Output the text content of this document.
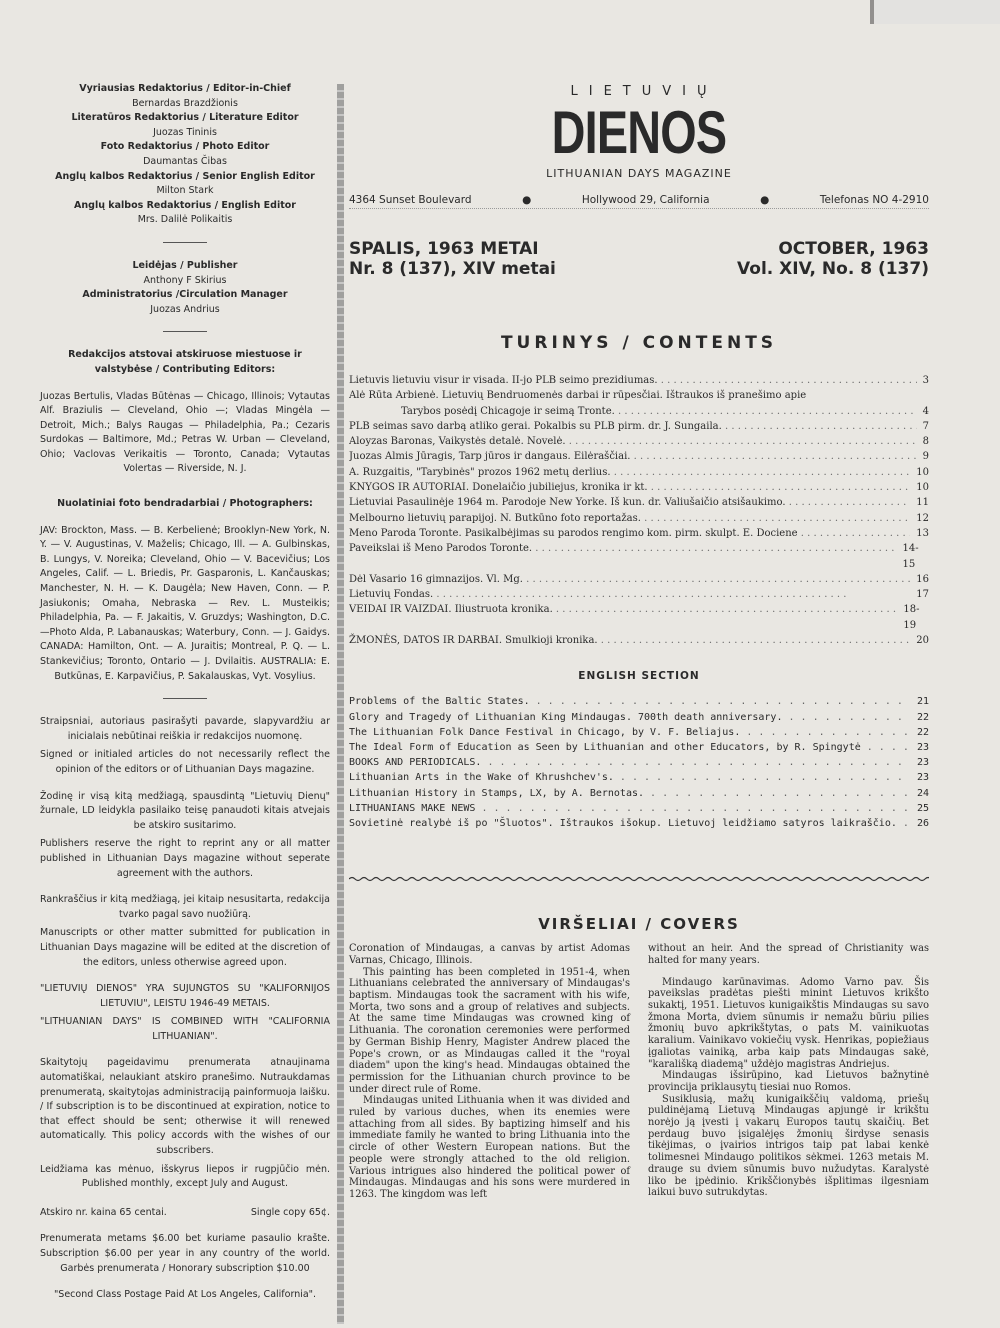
Vyriausias Redaktorius / Editor-in-Chief

Bernardas Brazdžionis

Literatūros Redaktorius / Literature Editor

Juozas Tininis

Foto Redaktorius / Photo Editor

Daumantas Čibas

Anglų kalbos Redaktorius / Senior English Editor

Milton Stark

Anglų kalbos Redaktorius / English Editor

Mrs. Dalilė Polikaitis

Leidėjas / Publisher

Anthony F Skirius

Administratorius /Circulation Manager

Juozas Andrius

Redakcijos atstovai atskiruose miestuose ir valstybėse / Contributing Editors:

Juozas Bertulis, Vladas Būtėnas — Chicago, Illinois; Vytautas Alf. Braziulis — Cleveland, Ohio —; Vladas Mingėla — Detroit, Mich.; Balys Raugas — Philadelphia, Pa.; Cezaris Surdokas — Baltimore, Md.; Petras W. Urban — Cleveland, Ohio; Vaclovas Verikaitis — Toronto, Canada; Vytautas Volertas — Riverside, N. J.

Nuolatiniai foto bendradarbiai / Photographers:

JAV: Brockton, Mass. — B. Kerbelienė; Brooklyn-New York, N. Y. — V. Augustinas, V. Maželis; Chicago, Ill. — A. Gulbinskas, B. Lungys, V. Noreika; Cleveland, Ohio — V. Bacevičius; Los Angeles, Calif. — L. Briedis, Pr. Gasparonis, L. Kančauskas; Manchester, N. H. — K. Daugėla; New Haven, Conn. — P. Jasiukonis; Omaha, Nebraska — Rev. L. Musteikis; Philadelphia, Pa. — F. Jakaitis, V. Gruzdys; Washington, D.C. —Photo Alda, P. Labanauskas; Waterbury, Conn. — J. Gaidys. CANADA: Hamilton, Ont. — A. Juraitis; Montreal, P. Q. — L. Stankevičius; Toronto, Ontario — J. Dvilaitis. AUSTRALIA: E. Butkūnas, E. Karpavičius, P. Sakalauskas, Vyt. Vosylius.

Straipsniai, autoriaus pasirašyti pavarde, slapyvardžiu ar inicialais nebūtinai reiškia ir redakcijos nuomonę.

Signed or initialed articles do not necessarily reflect the opinion of the editors or of Lithuanian Days magazine.

Žodinę ir visą kitą medžiagą, spausdintą "Lietuvių Dienų" žurnale, LD leidykla pasilaiko teisę panaudoti kitais atvejais be atskiro susitarimo.

Publishers reserve the right to reprint any or all matter published in Lithuanian Days magazine without seperate agreement with the authors.

Rankraščius ir kitą medžiagą, jei kitaip nesusitarta, redakcija tvarko pagal savo nuožiūrą.

Manuscripts or other matter submitted for publication in Lithuanian Days magazine will be edited at the discretion of the editors, unless otherwise agreed upon.

"LIETUVIŲ DIENOS" YRA SUJUNGTOS SU "KALIFORNIJOS LIETUVIU", LEISTU 1946-49 METAIS.

"LITHUANIAN DAYS" IS COMBINED WITH "CALIFORNIA LITHUANIAN".

Skaitytojų pageidavimu prenumerata atnaujinama automatiškai, nelaukiant atskiro pranešimo. Nutraukdamas prenumeratą, skaitytojas administraciją painformuoja laišku. / If subscription is to be discontinued at expiration, notice to that effect should be sent; otherwise it will renewed automatically. This policy accords with the wishes of our subscribers.

Leidžiama kas mėnuo, išskyrus liepos ir rugpjūčio mėn. Published monthly, except July and August.

Atskiro nr. kaina 65 centai.	Single copy 65¢.

Prenumerata metams $6.00 bet kuriame pasaulio krašte. Subscription $6.00 per year in any country of the world. Garbės prenumerata / Honorary subscription $10.00

"Second Class Postage Paid At Los Angeles, California".

LIETUVIŲ
DIENOS
LITHUANIAN DAYS MAGAZINE
4364 Sunset Boulevard	●	Hollywood 29, California	●	Telefonas NO 4-2910
SPALIS, 1963 METAI
Nr. 8 (137), XIV metai
OCTOBER, 1963
Vol. XIV, No. 8 (137)
TURINYS / CONTENTS
Lietuvis lietuviu visur ir visada. II-jo PLB seimo prezidiumas. . . .	3
Alė Rūta Arbienė. Lietuvių Bendruomenės darbai ir rūpesčiai. Ištraukos iš pranešimo apie
Tarybos posėdį Chicagoje ir seimą Tronte. . . .	4
PLB seimas savo darbą atliko gerai. Pokalbis su PLB pirm. dr. J. Sungaila. . . .	7
Aloyzas Baronas, Vaikystės detalė. Novelė. . . .	8
Juozas Almis Jūragis, Tarp jūros ir dangaus. Eilėraščiai. . . .	9
A. Ruzgaitis, "Tarybinės" prozos 1962 metų derlius. . . .	10
KNYGOS IR AUTORIAI. Donelaičio jubiliejus, kronika ir kt. . . .	10
Lietuviai Pasaulinėje 1964 m. Parodoje New Yorke. Iš kun. dr. Valiušaičio atsišaukimo. . . .	11
Melbourno lietuvių parapijoj. N. Butkūno foto reportažas. . . .	12
Meno Paroda Toronte. Pasikalbėjimas su parodos rengimo kom. pirm. skulpt. E. Dociene . . .	13
Paveikslai iš Meno Parodos Toronte. . . .	14-15
Dėl Vasario 16 gimnazijos. Vl. Mg. . . .	16
Lietuvių Fondas. . . .	17
VEIDAI IR VAIZDAI. Iliustruota kronika. . . .	18-19
ŽMONĖS, DATOS IR DARBAI. Smulkioji kronika. . . .	20
ENGLISH SECTION
Problems of the Baltic States. . . .	21
Glory and Tragedy of Lithuanian King Mindaugas. 700th death anniversary. . . .	22
The Lithuanian Folk Dance Festival in Chicago, by V. F. Beliajus. . . .	22
The Ideal Form of Education as Seen by Lithuanian and other Educators, by R. Spingytė . . .	23
BOOKS AND PERIODICALS. . . .	23
Lithuanian Arts in the Wake of Khrushchev's. . . .	23
Lithuanian History in Stamps, LX, by A. Bernotas. . . .	24
LITHUANIANS MAKE NEWS . . .	25
Sovietinė realybė iš po "Šluotos". Ištraukos išokup. Lietuvoj leidžiamo satyros laikraščio. . . .	26
VIRŠELIAI / COVERS

Coronation of Mindaugas, a canvas by artist Adomas Varnas, Chicago, Illinois.

This painting has been completed in 1951-4, when Lithuanians celebrated the anniversary of Mindaugas's baptism. Mindaugas took the sacrament with his wife, Morta, two sons and a group of relatives and subjects. At the same time Mindaugas was crowned king of Lithuania. The coronation ceremonies were performed by German Biship Henry, Magister Andrew placed the Pope's crown, or as Mindaugas called it the "royal diadem" upon the king's head. Mindaugas obtained the permission for the Lithuanian church province to be under direct rule of Rome.

Mindaugas united Lithuania when it was divided and ruled by various duches, when its enemies were attaching from all sides. By baptizing himself and his immediate family he wanted to bring Lithuania into the circle of other Western European nations. But the people were strongly attached to the old religion. Various intrigues also hindered the political power of Mindaugas. Mindaugas and his sons were murdered in 1263. The kingdom was left

without an heir. And the spread of Christianity was halted for many years.

Mindaugo karūnavimas. Adomo Varno pav. Šis paveikslas pradėtas piešti minint Lietuvos krikšto sukaktį, 1951. Lietuvos kunigaikštis Mindaugas su savo žmona Morta, dviem sūnumis ir nemažu būriu pilies žmonių buvo apkrikštytas, o pats M. vainikuotas karalium. Vainikavo vokiečių vysk. Henrikas, popiežiaus įgaliotas vainiką, arba kaip pats Mindaugas sakė, "karališką diademą" uždėjo magistras Andriejus.

Mindaugas išsirūpino, kad Lietuvos bažnytinė provincija priklausytų tiesiai nuo Romos.

Susiklusią, mažų kunigaikščių valdomą, priešų puldinėjamą Lietuvą Mindaugas apjungė ir krikštu norėjo ją įvesti į vakarų Europos tautų skaičių. Bet perdaug buvo įsigalėjęs žmonių širdyse senasis tikėjimas, o įvairios intrigos taip pat labai kenkė tolimesnei Mindaugo politikos sėkmei. 1263 metais M. drauge su dviem sūnumis buvo nužudytas. Karalystė liko be įpėdinio. Krikščionybės išplitimas ilgesniam laikui buvo sutrukdytas.
